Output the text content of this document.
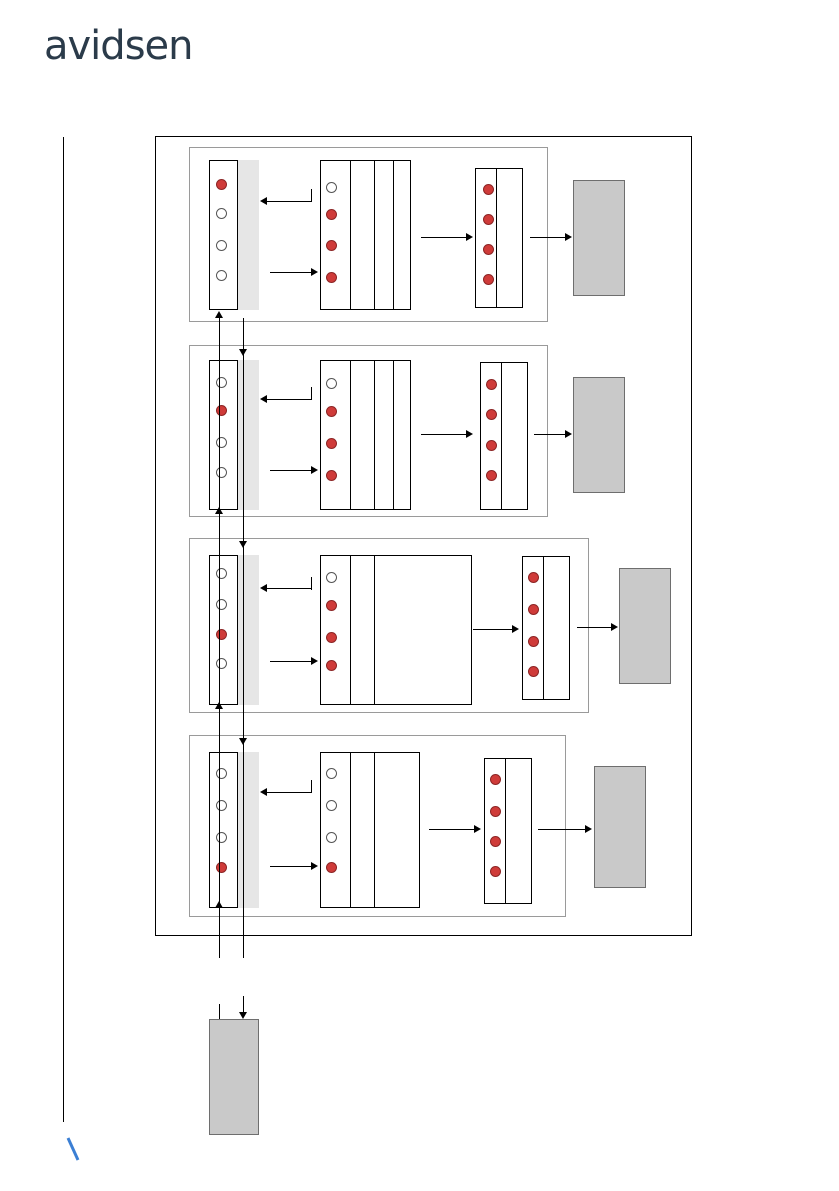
avidsen
